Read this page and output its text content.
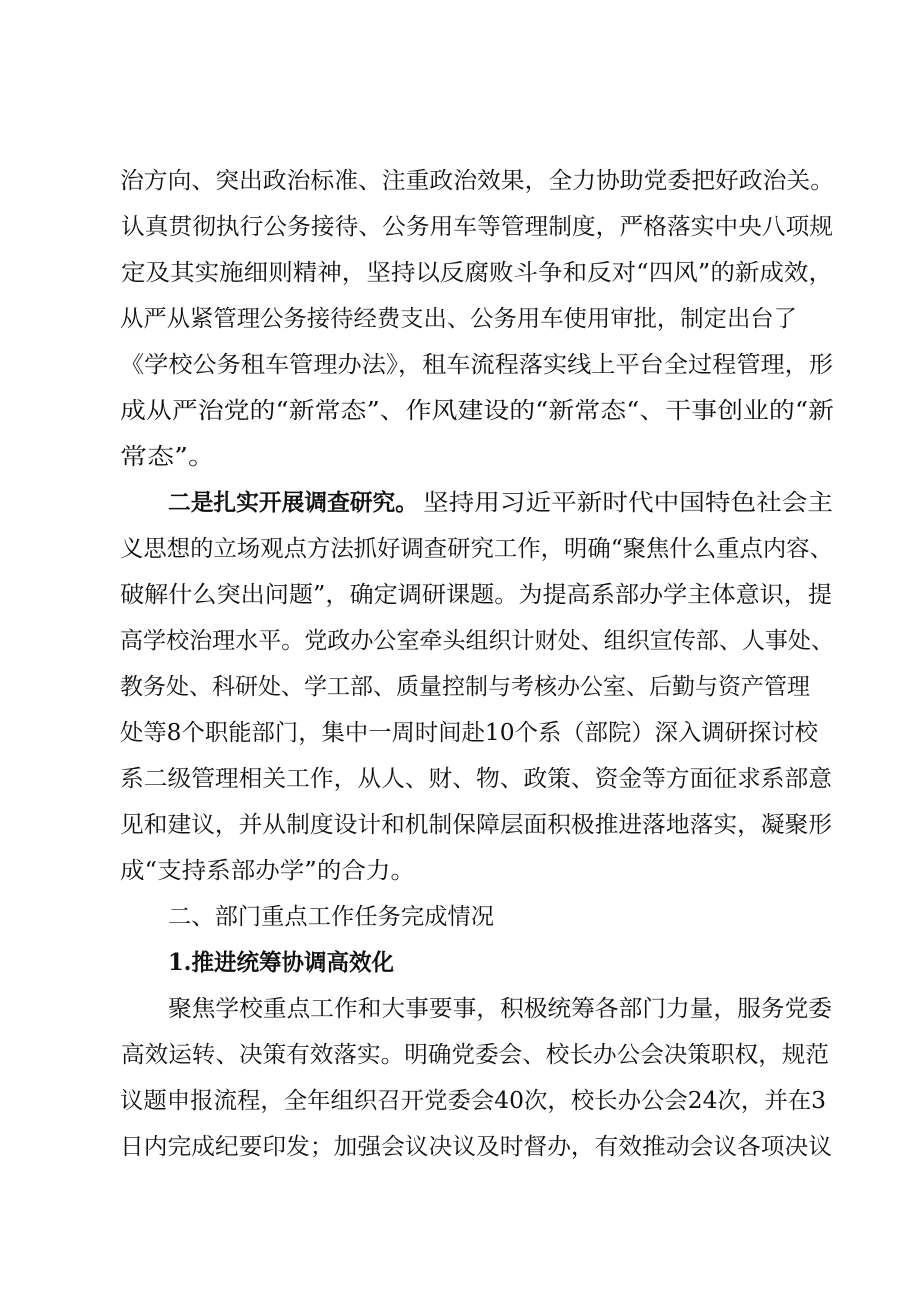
治方向、突出政治标准、注重政治效果，全力协助党委把好政治关。
认真贯彻执行公务接待、公务用车等管理制度，严格落实中央八项规
定及其实施细则精神，坚持以反腐败斗争和反对“四风”的新成效，
从严从紧管理公务接待经费支出、公务用车使用审批，制定出台了
《学校公务租车管理办法》，租车流程落实线上平台全过程管理，形
成从严治党的“新常态”、作风建设的“新常态“、干事创业的“新
常态”。
二是扎实开展调查研究。 坚持用习近平新时代中国特色社会主
义思想的立场观点方法抓好调查研究工作，明确“聚焦什么重点内容、
破解什么突出问题”，确定调研课题。为提高系部办学主体意识，提
高学校治理水平。党政办公室牵头组织计财处、组织宣传部、人事处、
教务处、科研处、学工部、质量控制与考核办公室、后勤与资产管理
处等8个职能部门，集中一周时间赴10个系（部院）深入调研探讨校
系二级管理相关工作，从人、财、物、政策、资金等方面征求系部意
见和建议，并从制度设计和机制保障层面积极推进落地落实，凝聚形
成“支持系部办学”的合力。
二、部门重点工作任务完成情况
1.推进统筹协调高效化
聚焦学校重点工作和大事要事，积极统筹各部门力量，服务党委
高效运转、决策有效落实。明确党委会、校长办公会决策职权，规范
议题申报流程，全年组织召开党委会40次，校长办公会24次，并在3
日内完成纪要印发；加强会议决议及时督办，有效推动会议各项决议
